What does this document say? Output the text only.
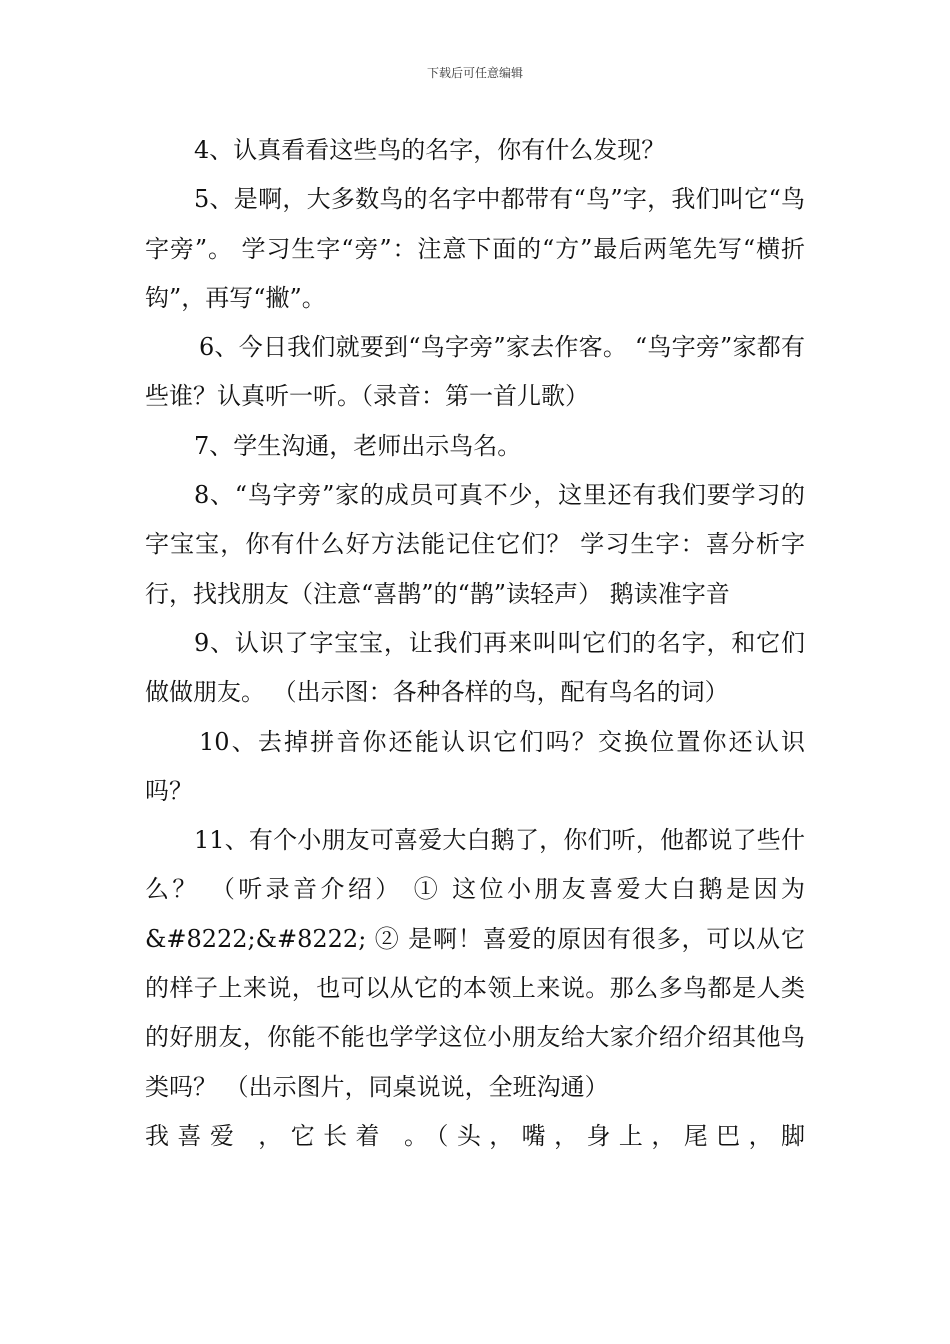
下载后可任意编辑

4、认真看看这些鸟的名字，你有什么发现？

5、是啊，大多数鸟的名字中都带有“鸟”字，我们叫它“鸟字旁”。 学习生字“旁”：注意下面的“方”最后两笔先写“横折钩”，再写“撇”。

6、今日我们就要到“鸟字旁”家去作客。 “鸟字旁”家都有些谁？认真听一听。（录音：第一首儿歌）

7、学生沟通，老师出示鸟名。

8、“鸟字旁”家的成员可真不少，这里还有我们要学习的字宝宝，你有什么好方法能记住它们？ 学习生字：喜分析字行，找找朋友（注意“喜鹊”的“鹊”读轻声） 鹅读准字音

9、认识了字宝宝，让我们再来叫叫它们的名字，和它们做做朋友。 （出示图：各种各样的鸟，配有鸟名的词）

10、去掉拼音你还能认识它们吗？交换位置你还认识吗？

11、有个小朋友可喜爱大白鹅了，你们听，他都说了些什么？ （听录音介绍） ① 这位小朋友喜爱大白鹅是因为&#8222;&#8222; ② 是啊！喜爱的原因有很多，可以从它的样子上来说，也可以从它的本领上来说。那么多鸟都是人类的好朋友，你能不能也学学这位小朋友给大家介绍介绍其他鸟类吗？ （出示图片，同桌说说，全班沟通）

我喜爱 ，它长着 。（头，嘴，身上，尾巴，脚
